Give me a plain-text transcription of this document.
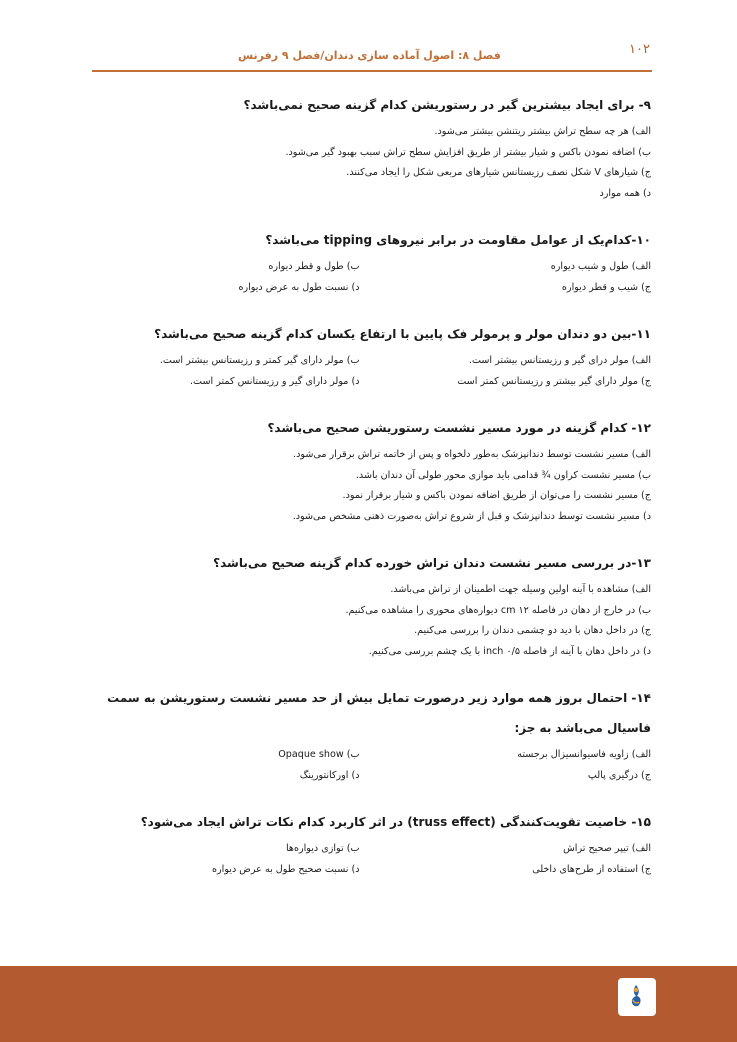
۱۰۲
فصل ۸: اصول آماده سازی دندان/فصل ۹ رفرنس
۹- برای ایجاد بیشترین گیر در رستوریشن کدام گزینه صحیح نمی‌باشد؟
الف) هر چه سطح تراش بیشتر ریتنشن بیشتر می‌شود.
ب) اضافه نمودن باکس و شیار بیشتر از طریق افزایش سطح تراش سبب بهبود گیر می‌شود.
ج) شیارهای V شکل نصف رزیستانس شیارهای مربعی شکل را ایجاد می‌کنند.
د) همه موارد
۱۰-کدام‌یک از عوامل مقاومت در برابر نیروهای tipping می‌باشد؟
الف) طول و شیب دیواره
ب) طول و قطر دیواره
ج) شیب و قطر دیواره
د) نسبت طول به عرض دیواره
۱۱-بین دو دندان مولر و پرمولر فک پایین با ارتفاع یکسان کدام گزینه صحیح می‌باشد؟
الف) مولر درای گیر و رزیستانس بیشتر است.
ب) مولر دارای گیر کمتر و رزیستانس بیشتر است.
ج) مولر دارای گیر بیشتر و رزیستانس کمتر است
د) مولر دارای گیر و رزیستانس کمتر است.
۱۲- کدام گزینه در مورد مسیر نشست رستوریشن صحیح می‌باشد؟
الف) مسیر نشست توسط دندانپزشک به‌طور دلخواه و پس از خاتمه تراش برقرار می‌شود.
ب) مسیر نشست کراون ¾ قدامی باید موازی محور طولی آن دندان باشد.
ج) مسیر نشست را می‌توان از طریق اضافه نمودن باکس و شیار برقرار نمود.
د) مسیر نشست توسط دندانپزشک و قبل از شروع تراش به‌صورت ذهنی مشخص می‌شود.
۱۳-در بررسی مسیر نشست دندان تراش خورده کدام گزینه صحیح می‌باشد؟
الف) مشاهده با آینه اولین وسیله جهت اطمینان از تراش می‌باشد.
ب) در خارج از دهان در فاصله ۱۲ cm دیواره‌های محوری را مشاهده می‌کنیم.
ج) در داخل دهان با دید دو چشمی دندان را بررسی می‌کنیم.
د) در داخل دهان با آینه از فاصله ۰/۵ inch با یک چشم بررسی می‌کنیم.
۱۴- احتمال بروز همه موارد زیر درصورت تمایل بیش از حد مسیر نشست رستوریشن به سمت فاسیال می‌باشد به جز:
الف) زاویه فاسیوانسیزال برجسته
ب) Opaque show
ج) درگیری پالپ
د) اورکانتورینگ
۱۵- خاصیت تقویت‌کنندگی (truss effect) در اثر کاربرد کدام نکات تراش ایجاد می‌شود؟
الف) تیپر صحیح تراش
ب) توازی دیواره‌ها
ج) استفاده از طرح‌های داخلی
د) نسبت صحیح طول به عرض دیواره
